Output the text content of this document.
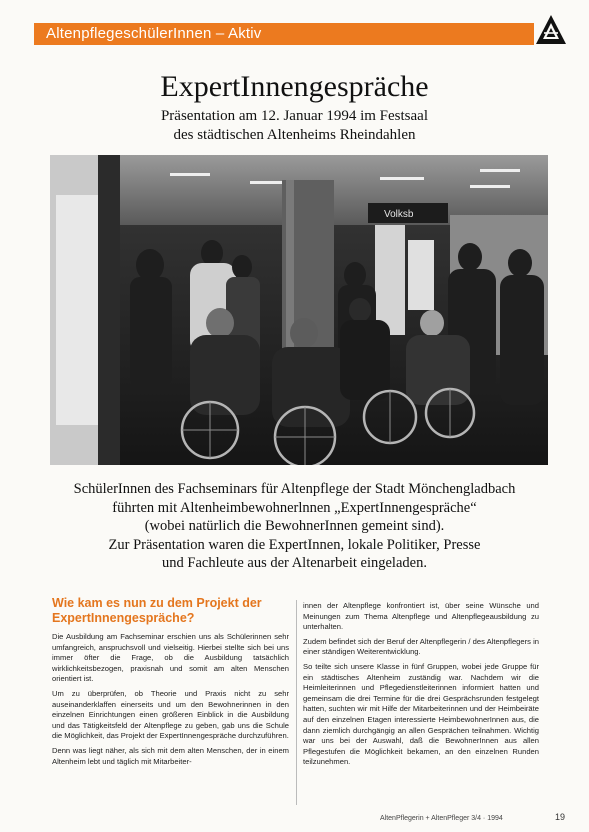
AltenpflegeschülerInnen – Aktiv
ExpertInnengespräche
Präsentation am 12. Januar 1994 im Festsaal
des städtischen Altenheims Rheindahlen
Volksb
SchülerInnen des Fachseminars für Altenpflege der Stadt Mönchengladbach
führten mit Altenheimbewohnerlnnen „ExpertInnengespräche“
(wobei natürlich die BewohnerInnen gemeint sind).
Zur Präsentation waren die ExpertInnen, lokale Politiker, Presse
und Fachleute aus der Altenarbeit eingeladen.
Wie kam es nun zu dem Projekt der ExpertInnengespräche?

Die Ausbildung am Fachseminar erschien uns als Schülerinnen sehr umfangreich, anspruchsvoll und vielseitig. Hierbei stellte sich bei uns immer öfter die Frage, ob die Ausbildung tatsächlich wirklichkeitsbezogen, praxisnah und somit am alten Menschen orientiert ist.

Um zu überprüfen, ob Theorie und Praxis nicht zu sehr auseinanderklaffen einerseits und um den Bewohnerinnen in den einzelnen Einrichtungen einen größeren Einblick in die Ausbildung und das Tätigkeitsfeld der Altenpflege zu geben, gab uns die Schule die Möglichkeit, das Projekt der ExpertInnengespräche durchzuführen.

Denn was liegt näher, als sich mit dem alten Menschen, der in einem Altenheim lebt und täglich mit Mitarbeiter-

innen der Altenpflege konfrontiert ist, über seine Wünsche und Meinungen zum Thema Altenpflege und Altenpflegeausbildung zu unterhalten.

Zudem befindet sich der Beruf der Altenpflegerin / des Altenpflegers in einer ständigen Weiterentwicklung.

So teilte sich unsere Klasse in fünf Gruppen, wobei jede Gruppe für ein städtisches Altenheim zuständig war. Nachdem wir die Heimleiterinnen und Pflegedienstleiterinnen informiert hatten und gemeinsam die drei Termine für die drei Gesprächsrunden festgelegt hatten, suchten wir mit Hilfe der Mitarbeiterinnen und der Heimbeiräte auf den einzelnen Etagen interessierte HeimbewohnerInnen aus, die dann ziemlich durchgängig an allen Gesprächen teilnahmen. Wichtig war uns bei der Auswahl, daß die BewohnerInnen aus allen Pflegestufen die Möglichkeit bekamen, an den einzelnen Runden teilzunehmen.

AltenPflegerin + AltenPfleger 3/4 · 1994	19
